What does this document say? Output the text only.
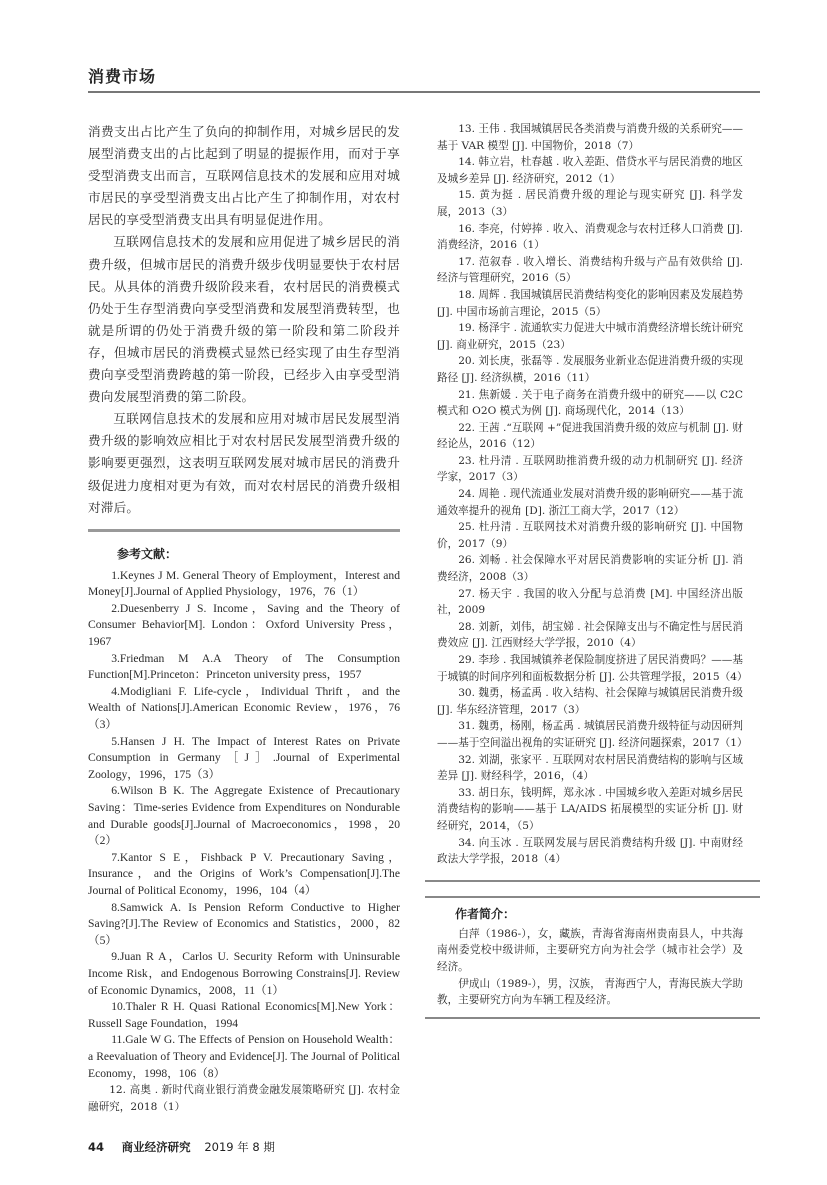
消费市场

消费支出占比产生了负向的抑制作用，对城乡居民的发展型消费支出的占比起到了明显的提振作用，而对于享受型消费支出而言，互联网信息技术的发展和应用对城市居民的享受型消费支出占比产生了抑制作用，对农村居民的享受型消费支出具有明显促进作用。

互联网信息技术的发展和应用促进了城乡居民的消费升级，但城市居民的消费升级步伐明显要快于农村居民。从具体的消费升级阶段来看，农村居民的消费模式仍处于生存型消费向享受型消费和发展型消费转型，也就是所谓的仍处于消费升级的第一阶段和第二阶段并存，但城市居民的消费模式显然已经实现了由生存型消费向享受型消费跨越的第一阶段，已经步入由享受型消费向发展型消费的第二阶段。

互联网信息技术的发展和应用对城市居民发展型消费升级的影响效应相比于对农村居民发展型消费升级的影响要更强烈，这表明互联网发展对城市居民的消费升级促进力度相对更为有效，而对农村居民的消费升级相对滞后。

参考文献：

1.Keynes J M. General Theory of Employment，Interest and Money[J].Journal of Applied Physiology，1976，76（1）

2.Duesenberry J S. Income，Saving and the Theory of Consumer Behavior[M]. London：Oxford University Press，1967

3.Friedman M A.A Theory of The Consumption Function[M].Princeton：Princeton university press，1957

4.Modigliani F. Life-cycle，Individual Thrift，and the Wealth of Nations[J].American Economic Review，1976，76（3）

5.Hansen J H. The Impact of Interest Rates on Private Consumption in Germany［J］.Journal of Experimental Zoology，1996，175（3）

6.Wilson B K. The Aggregate Existence of Precautionary Saving：Time-series Evidence from Expenditures on Nondurable and Durable goods[J].Journal of Macroeconomics，1998，20（2）

7.Kantor S E，Fishback P V. Precautionary Saving，Insurance，and the Origins of Work’s Compensation[J].The Journal of Political Economy，1996，104（4）

8.Samwick A. Is Pension Reform Conductive to Higher Saving?[J].The Review of Economics and Statistics，2000，82（5）

9.Juan R A，Carlos U. Security Reform with Uninsurable Income Risk，and Endogenous Borrowing Constrains[J]. Review of Economic Dynamics，2008，11（1）

10.Thaler R H. Quasi Rational Economics[M].New York：Russell Sage Foundation，1994

11.Gale W G. The Effects of Pension on Household Wealth：a Reevaluation of Theory and Evidence[J]. The Journal of Political Economy，1998，106（8）

12. 高奥 . 新时代商业银行消费金融发展策略研究 [J]. 农村金融研究，2018（1）

13. 王伟 . 我国城镇居民各类消费与消费升级的关系研究——基于 VAR 模型 [J]. 中国物价，2018（7）

14. 韩立岩，杜春越 . 收入差距、借贷水平与居民消费的地区及城乡差异 [J]. 经济研究，2012（1）

15. 黄为挺 . 居民消费升级的理论与现实研究 [J]. 科学发展，2013（3）

16. 李亮，付婷捧 . 收入、消费观念与农村迁移人口消费 [J]. 消费经济，2016（1）

17. 范叙春 . 收入增长、消费结构升级与产品有效供给 [J]. 经济与管理研究，2016（5）

18. 周辉 . 我国城镇居民消费结构变化的影响因素及发展趋势 [J]. 中国市场前言理论，2015（5）

19. 杨泽宇 . 流通软实力促进大中城市消费经济增长统计研究 [J]. 商业研究，2015（23）

20. 刘长庚，张磊等 . 发展服务业新业态促进消费升级的实现路径 [J]. 经济纵横，2016（11）

21. 焦新媛 . 关于电子商务在消费升级中的研究——以 C2C 模式和 O2O 模式为例 [J]. 商场现代化，2014（13）

22. 王茜 .“互联网 +”促进我国消费升级的效应与机制 [J]. 财经论丛，2016（12）

23. 杜丹清 . 互联网助推消费升级的动力机制研究 [J]. 经济学家，2017（3）

24. 周艳 . 现代流通业发展对消费升级的影响研究——基于流通效率提升的视角 [D]. 浙江工商大学，2017（12）

25. 杜丹清 . 互联网技术对消费升级的影响研究 [J]. 中国物价，2017（9）

26. 刘畅 . 社会保障水平对居民消费影响的实证分析 [J]. 消费经济，2008（3）

27. 杨天宇 . 我国的收入分配与总消费 [M]. 中国经济出版社，2009

28. 刘新，刘伟，胡宝娣 . 社会保障支出与不确定性与居民消费效应 [J]. 江西财经大学学报，2010（4）

29. 李珍 . 我国城镇养老保险制度挤进了居民消费吗？——基于城镇的时间序列和面板数据分析 [J]. 公共管理学报，2015（4）

30. 魏勇，杨孟禹 . 收入结构、社会保障与城镇居民消费升级 [J]. 华东经济管理，2017（3）

31. 魏勇，杨刚，杨孟禹 . 城镇居民消费升级特征与动因研判——基于空间溢出视角的实证研究 [J]. 经济问题探索，2017（1）

32. 刘湖，张家平 . 互联网对农村居民消费结构的影响与区域差异 [J]. 财经科学，2016，（4）

33. 胡日东，钱明辉，郑永冰 . 中国城乡收入差距对城乡居民消费结构的影响——基于 LA/AIDS 拓展模型的实证分析 [J]. 财经研究，2014，（5）

34. 向玉冰 . 互联网发展与居民消费结构升级 [J]. 中南财经政法大学学报，2018（4）

作者简介：

白萍（1986-），女，藏族，青海省海南州贵南县人，中共海南州委党校中级讲师，主要研究方向为社会学（城市社会学）及经济。

伊成山（1989-），男，汉族， 青海西宁人，青海民族大学助教，主要研究方向为车辆工程及经济。

44 商业经济研究 2019 年 8 期
